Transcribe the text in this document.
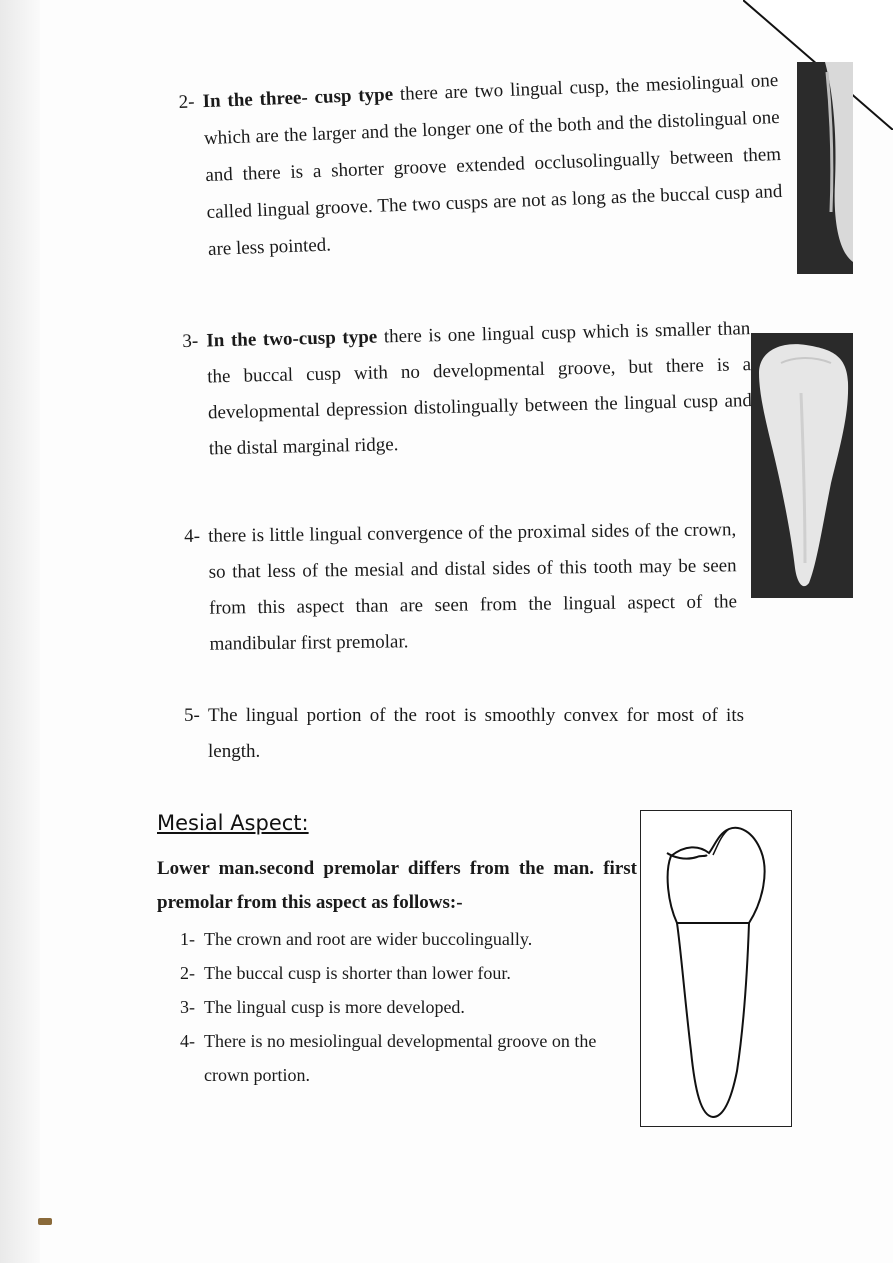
2- In the three- cusp type there are two lingual cusp, the mesiolingual one which are the larger and the longer one of the both and the distolingual one and there is a shorter groove extended occlusolingually between them called lingual groove. The two cusps are not as long as the buccal cusp and are less pointed.
3- In the two-cusp type there is one lingual cusp which is smaller than the buccal cusp with no developmental groove, but there is a developmental depression distolingually between the lingual cusp and the distal marginal ridge.
4- there is little lingual convergence of the proximal sides of the crown, so that less of the mesial and distal sides of this tooth may be seen from this aspect than are seen from the lingual aspect of the mandibular first premolar.
5- The lingual portion of the root is smoothly convex for most of its length.
Mesial Aspect:
Lower man.second premolar differs from the man. first premolar from this aspect as follows:-
1- The crown and root are wider buccolingually.
2- The buccal cusp is shorter than lower four.
3- The lingual cusp is more developed.
4- There is no mesiolingual developmental groove on the crown portion.
